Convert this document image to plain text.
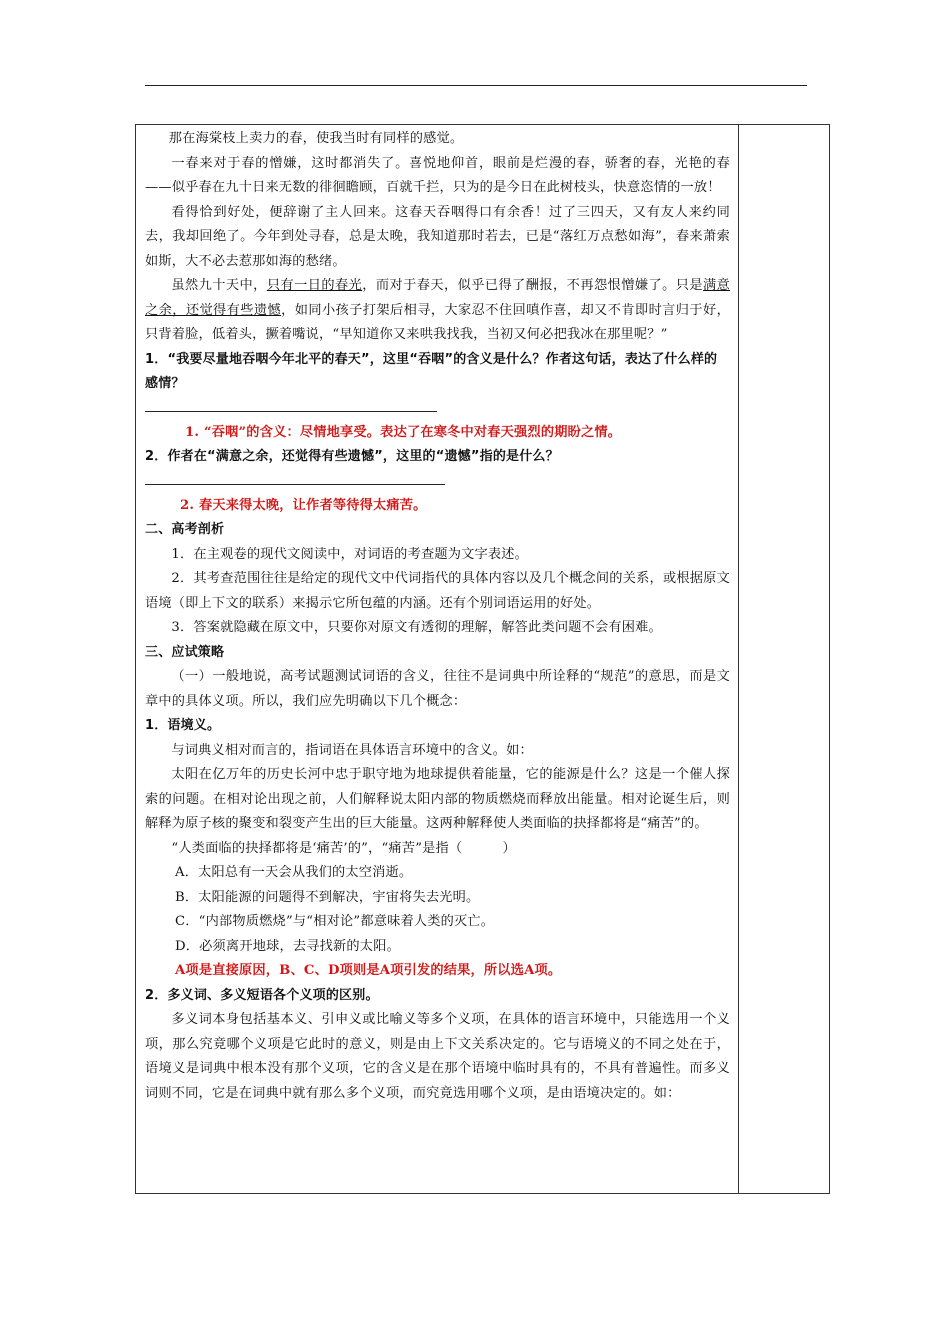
那在海棠枝上卖力的春，使我当时有同样的感觉。

一春来对于春的憎嫌，这时都消失了。喜悦地仰首，眼前是烂漫的春，骄奢的春，光艳的春——似乎春在九十日来无数的徘徊瞻顾，百就千拦，只为的是今日在此树枝头，快意恣情的一放！

看得恰到好处，便辞谢了主人回来。这春天吞咽得口有余香！过了三四天，又有友人来约同去，我却回绝了。今年到处寻春，总是太晚，我知道那时若去，已是“落红万点愁如海”，春来萧索如斯，大不必去惹那如海的愁绪。

虽然九十天中，只有一日的春光，而对于春天，似乎已得了酬报，不再怨恨憎嫌了。只是满意之余，还觉得有些遗憾，如同小孩子打架后相寻，大家忍不住回嗔作喜，却又不肯即时言归于好，只背着脸，低着头，撅着嘴说，“早知道你又来哄我找我，当初又何必把我冰在那里呢？”

1．“我要尽量地吞咽今年北平的春天”，这里“吞咽”的含义是什么？作者这句话，表达了什么样的感情？

1. “吞咽”的含义：尽情地享受。表达了在寒冬中对春天强烈的期盼之情。

2．作者在“满意之余，还觉得有些遗憾”，这里的“遗憾”指的是什么？

2. 春天来得太晚，让作者等待得太痛苦。

二、高考剖析

1．在主观卷的现代文阅读中，对词语的考查题为文字表述。

2．其考查范围往往是给定的现代文中代词指代的具体内容以及几个概念间的关系，或根据原文语境（即上下文的联系）来揭示它所包蕴的内涵。还有个别词语运用的好处。

3．答案就隐藏在原文中，只要你对原文有透彻的理解，解答此类问题不会有困难。

三、应试策略

（一）一般地说，高考试题测试词语的含义，往往不是词典中所诠释的“规范”的意思，而是文章中的具体义项。所以，我们应先明确以下几个概念：

1．语境义。

与词典义相对而言的，指词语在具体语言环境中的含义。如：

太阳在亿万年的历史长河中忠于职守地为地球提供着能量，它的能源是什么？这是一个催人探索的问题。在相对论出现之前，人们解释说太阳内部的物质燃烧而释放出能量。相对论诞生后，则解释为原子核的聚变和裂变产生出的巨大能量。这两种解释使人类面临的抉择都将是“痛苦”的。

“人类面临的抉择都将是‘痛苦’的”，“痛苦”是指（　　　）

A．太阳总有一天会从我们的太空消逝。

B．太阳能源的问题得不到解决，宇宙将失去光明。

C．“内部物质燃烧”与“相对论”都意味着人类的灭亡。

D．必须离开地球，去寻找新的太阳。

A项是直接原因，B、C、D项则是A项引发的结果，所以选A项。

2．多义词、多义短语各个义项的区别。

多义词本身包括基本义、引申义或比喻义等多个义项，在具体的语言环境中，只能选用一个义项，那么究竟哪个义项是它此时的意义，则是由上下文关系决定的。它与语境义的不同之处在于，语境义是词典中根本没有那个义项，它的含义是在那个语境中临时具有的，不具有普遍性。而多义词则不同，它是在词典中就有那么多个义项，而究竟选用哪个义项，是由语境决定的。如：
